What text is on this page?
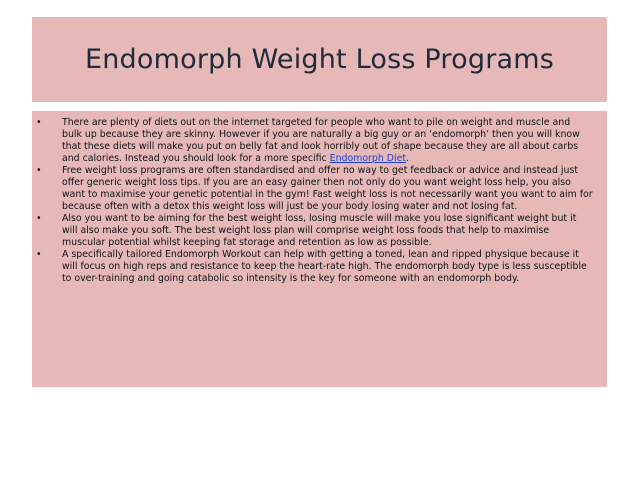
Endomorph Weight Loss Programs
• There are plenty of diets out on the internet targeted for people who want to pile on weight and muscle and bulk up because they are skinny. However if you are naturally a big guy or an ‘endomorph’ then you will know that these diets will make you put on belly fat and look horribly out of shape because they are all about carbs and calories. Instead you should look for a more specific Endomorph Diet.
• Free weight loss programs are often standardised and offer no way to get feedback or advice and instead just offer generic weight loss tips. If you are an easy gainer then not only do you want weight loss help, you also want to maximise your genetic potential in the gym! Fast weight loss is not necessarily want you want to aim for because often with a detox this weight loss will just be your body losing water and not losing fat.
• Also you want to be aiming for the best weight loss, losing muscle will make you lose significant weight but it will also make you soft. The best weight loss plan will comprise weight loss foods that help to maximise muscular potential whilst keeping fat storage and retention as low as possible.
• A specifically tailored Endomorph Workout can help with getting a toned, lean and ripped physique because it will focus on high reps and resistance to keep the heart-rate high. The endomorph body type is less susceptible to over-training and going catabolic so intensity is the key for someone with an endomorph body.
